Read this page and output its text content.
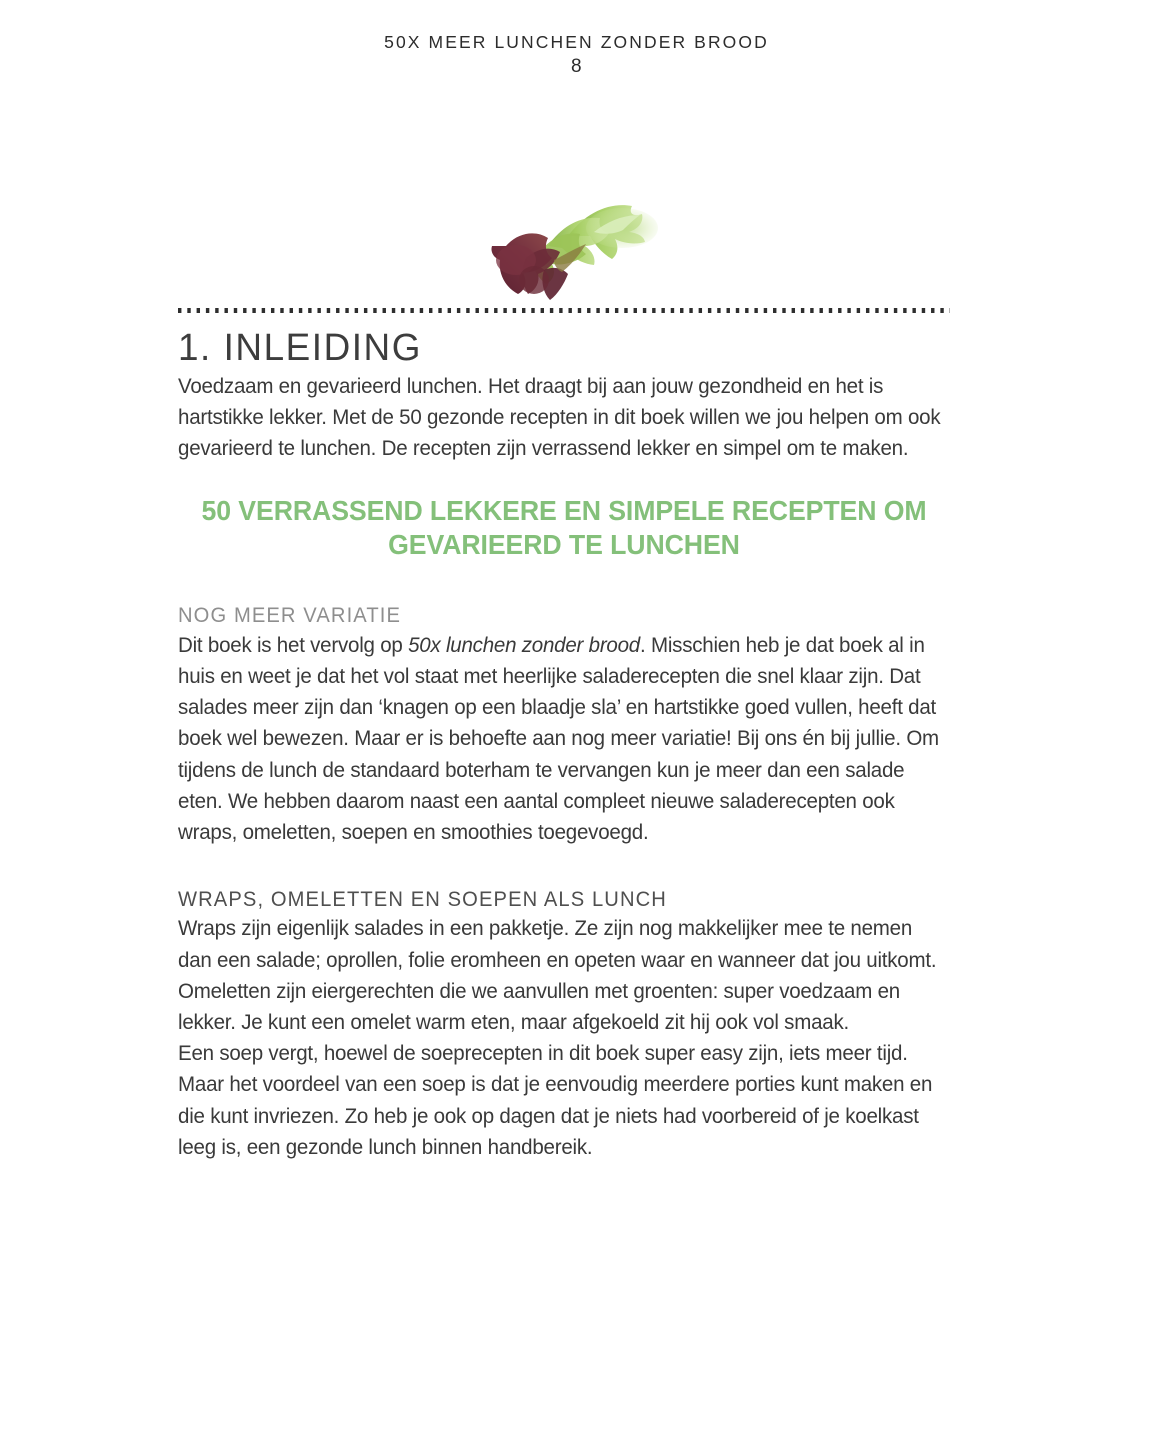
50X MEER LUNCHEN ZONDER BROOD
8
1. INLEIDING

Voedzaam en gevarieerd lunchen. Het draagt bij aan jouw gezondheid en het is hartstikke lekker. Met de 50 gezonde recepten in dit boek willen we jou helpen om ook gevarieerd te lunchen. De recepten zijn verrassend lekker en simpel om te maken.

50 VERRASSEND LEKKERE EN SIMPELE RECEPTEN OM GEVARIEERD TE LUNCHEN
NOG MEER VARIATIE

Dit boek is het vervolg op 50x lunchen zonder brood. Misschien heb je dat boek al in huis en weet je dat het vol staat met heerlijke saladerecepten die snel klaar zijn. Dat salades meer zijn dan ‘knagen op een blaadje sla’ en hartstikke goed vullen, heeft dat boek wel bewezen. Maar er is behoefte aan nog meer variatie! Bij ons én bij jullie. Om tijdens de lunch de standaard boterham te vervangen kun je meer dan een salade eten. We hebben daarom naast een aantal compleet nieuwe saladerecepten ook wraps, omeletten, soepen en smoothies toegevoegd.

WRAPS, OMELETTEN EN SOEPEN ALS LUNCH

Wraps zijn eigenlijk salades in een pakketje. Ze zijn nog makkelijker mee te nemen dan een salade; oprollen, folie eromheen en opeten waar en wanneer dat jou uitkomt. Omeletten zijn eiergerechten die we aanvullen met groenten: super voedzaam en lekker. Je kunt een omelet warm eten, maar afgekoeld zit hij ook vol smaak.

Een soep vergt, hoewel de soeprecepten in dit boek super easy zijn, iets meer tijd. Maar het voordeel van een soep is dat je eenvoudig meerdere porties kunt maken en die kunt invriezen. Zo heb je ook op dagen dat je niets had voorbereid of je koelkast leeg is, een gezonde lunch binnen handbereik.
